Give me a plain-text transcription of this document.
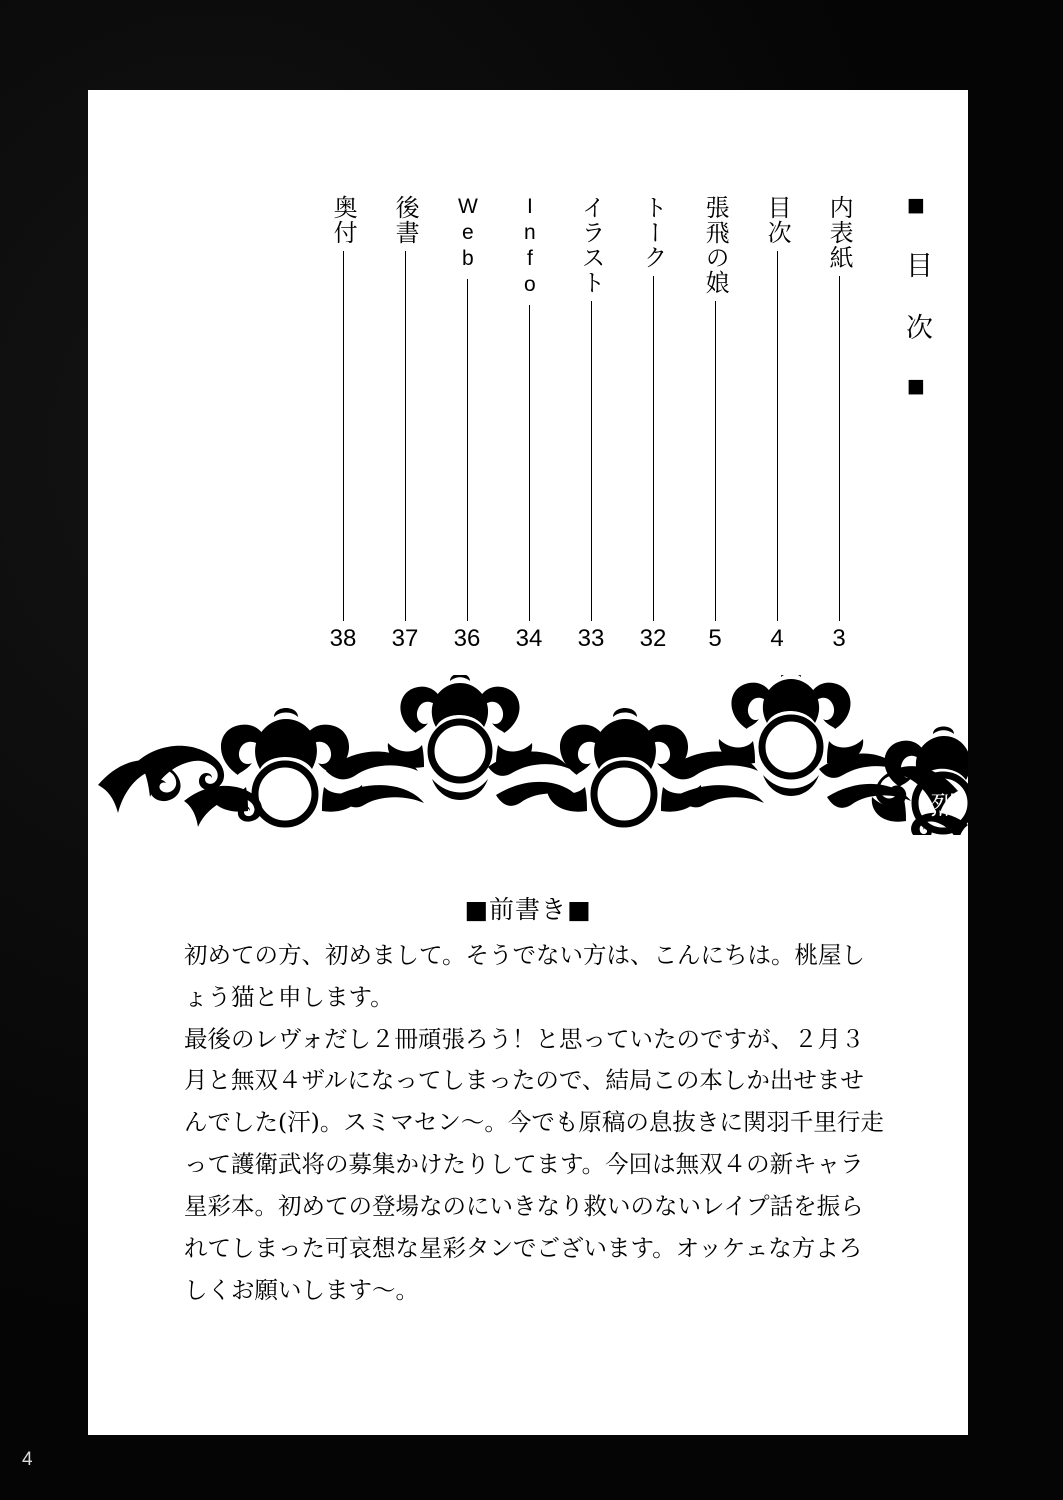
■ 目 次 ■
奥付
38
後書
37
Web
36
Info
34
イラスト
33
トーク
32
張飛の娘
5
目次
4
内表紙
3
愛
幻
無
祈
烈
■前書き■

初めての方、初めまして。そうでない方は、こんにちは。桃屋しょう猫と申します。

最後のレヴォだし２冊頑張ろう！と思っていたのですが、２月３月と無双４ザルになってしまったので、結局この本しか出せませんでした(汗)。スミマセン〜。今でも原稿の息抜きに関羽千里行走って護衛武将の募集かけたりしてます。今回は無双４の新キャラ星彩本。初めての登場なのにいきなり救いのないレイプ話を振られてしまった可哀想な星彩タンでございます。オッケェな方よろしくお願いします〜。

4
